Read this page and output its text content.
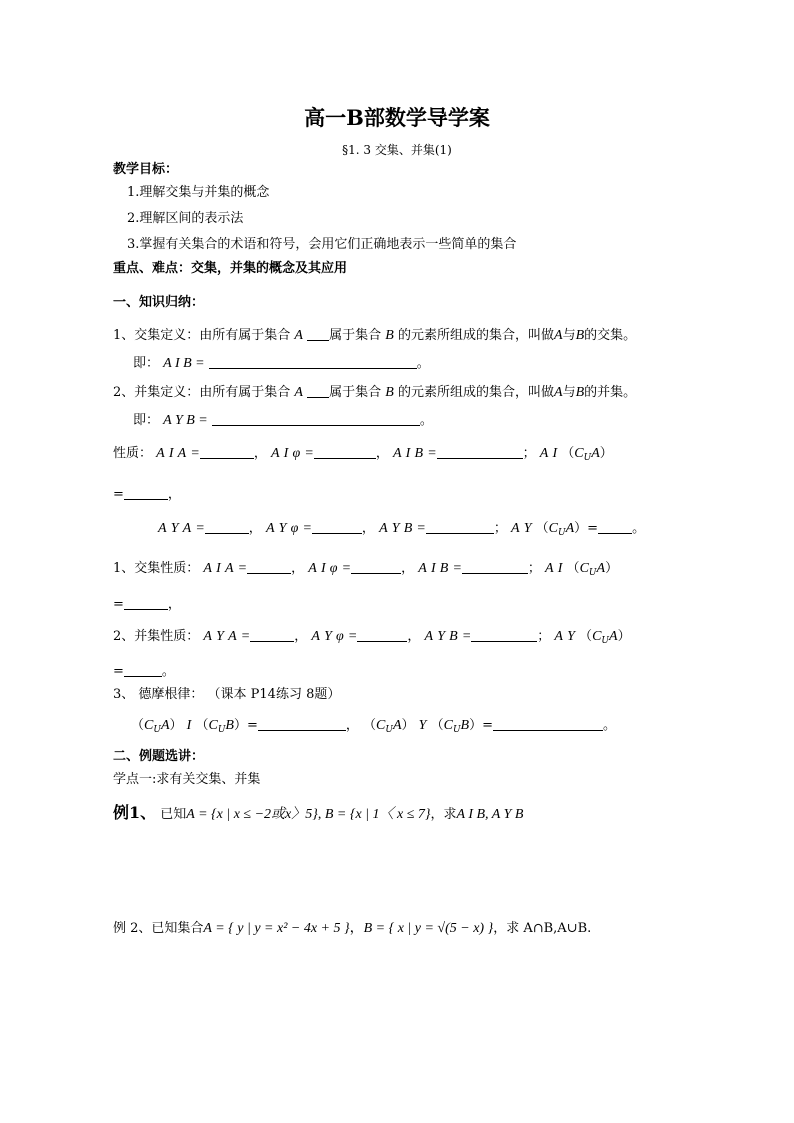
高一B部数学导学案
§1. 3 交集、并集(1)
教学目标：
1.理解交集与并集的概念
2.理解区间的表示法
3.掌握有关集合的术语和符号，会用它们正确地表示一些简单的集合
重点、难点：交集，并集的概念及其应用
一、知识归纳：
1、交集定义：由所有属于集合 A 属于集合 B 的元素所组成的集合，叫做A与B的交集。
即： A I B =	。
2、并集定义：由所有属于集合 A 属于集合 B 的元素所组成的集合，叫做A与B的并集。
即： A Y B =	。
性质： A I A =	， A I φ =	， A I B =	； A I $(C_UA)$
=	，
A Y A =	， A Y φ =	， A Y B =	； A Y $(C_UA)=$	。
1、交集性质： A I A =	， A I φ =	， A I B =	； A I $(C_UA)$
=	，
2、并集性质： A Y A =	， A Y φ =	， A Y B =	； A Y $(C_UA)$
=	。
3、 德摩根律： （课本 P14练习 8题）
$(C_UA)$ I $(C_UB)=$	， $(C_UA)$ Y $(C_UB)=$	。
二、例题选讲：
学点一:求有关交集、并集
例1、 已知A = {x | x ≤ −2或x〉5}, B = {x | 1〈 x ≤ 7}，求A I B, A Y B
例 2、已知集合A = { y | y = x² − 4x + 5 }，B = { x | y = √(5 − x) }，求 A∩B,A∪B.
